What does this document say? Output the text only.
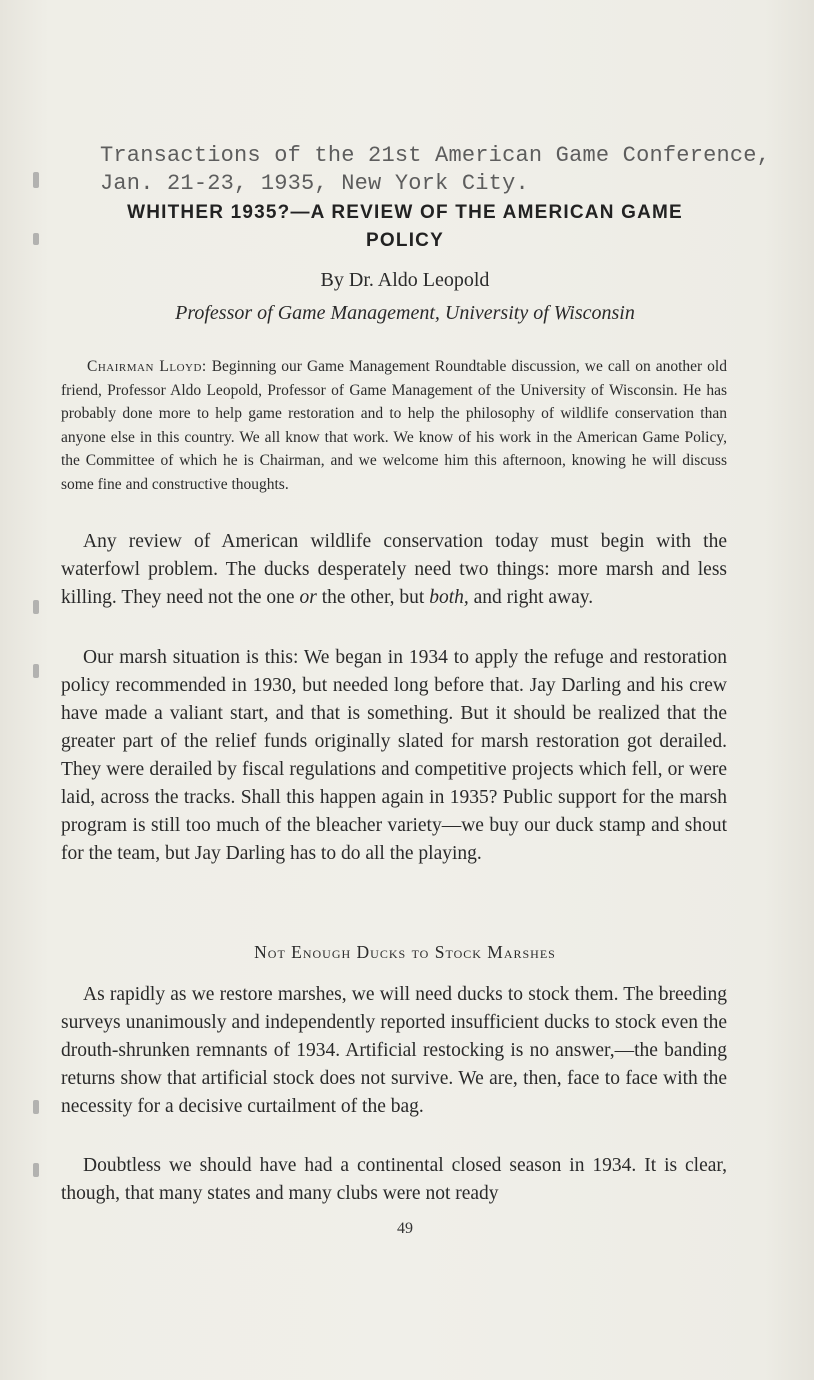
Transactions of the 21st American Game Conference,
Jan. 21-23, 1935, New York City.
WHITHER 1935?—A REVIEW OF THE AMERICAN GAME
POLICY
By Dr. Aldo Leopold
Professor of Game Management, University of Wisconsin
Chairman Lloyd: Beginning our Game Management Roundtable discussion, we call on another old friend, Professor Aldo Leopold, Professor of Game Management of the University of Wisconsin. He has probably done more to help game restoration and to help the philosophy of wildlife conservation than anyone else in this country. We all know that work. We know of his work in the American Game Policy, the Committee of which he is Chairman, and we welcome him this afternoon, knowing he will discuss some fine and constructive thoughts.
Any review of American wildlife conservation today must begin with the waterfowl problem. The ducks desperately need two things: more marsh and less killing. They need not the one or the other, but both, and right away.
Our marsh situation is this: We began in 1934 to apply the refuge and restoration policy recommended in 1930, but needed long before that. Jay Darling and his crew have made a valiant start, and that is something. But it should be realized that the greater part of the relief funds originally slated for marsh restoration got derailed. They were derailed by fiscal regulations and competitive projects which fell, or were laid, across the tracks. Shall this happen again in 1935? Public support for the marsh program is still too much of the bleacher variety—we buy our duck stamp and shout for the team, but Jay Darling has to do all the playing.
Not Enough Ducks to Stock Marshes
As rapidly as we restore marshes, we will need ducks to stock them. The breeding surveys unanimously and independently reported insufficient ducks to stock even the drouth-shrunken remnants of 1934. Artificial restocking is no answer,—the banding returns show that artificial stock does not survive. We are, then, face to face with the necessity for a decisive curtailment of the bag.
Doubtless we should have had a continental closed season in 1934. It is clear, though, that many states and many clubs were not ready
49
